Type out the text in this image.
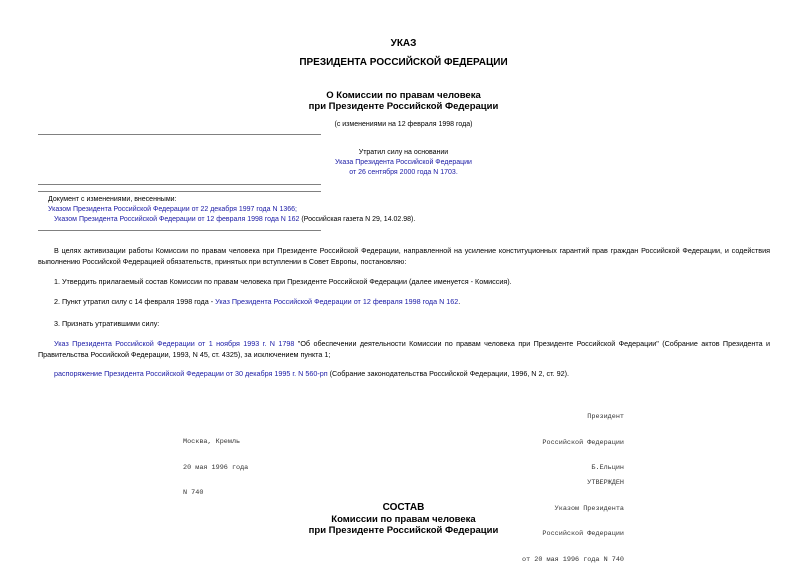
УКАЗ
ПРЕЗИДЕНТА РОССИЙСКОЙ ФЕДЕРАЦИИ
О Комиссии по правам человека
при Президенте Российской Федерации
(с изменениями на 12 февраля 1998 года)
Утратил силу на основании
Указа Президента Российской Федерации
от 26 сентября 2000 года N 1703.
Документ с изменениями, внесенными:
Указом Президента Российской Федерации от 22 декабря 1997 года N 1366;
Указом Президента Российской Федерации от 12 февраля 1998 года N 162 (Российская газета N 29, 14.02.98).
В целях активизации работы Комиссии по правам человека при Президенте Российской Федерации, направленной на усиление конституционных гарантий прав граждан Российской Федерации, и содействия выполнению Российской Федерацией обязательств, принятых при вступлении в Совет Европы, постановляю:
1. Утвердить прилагаемый состав Комиссии по правам человека при Президенте Российской Федерации (далее именуется - Комиссия).
2. Пункт утратил силу с 14 февраля 1998 года - Указ Президента Российской Федерации от 12 февраля 1998 года N 162.
3. Признать утратившими силу:
Указ Президента Российской Федерации от 1 ноября 1993 г. N 1798 "Об обеспечении деятельности Комиссии по правам человека при Президенте Российской Федерации" (Собрание актов Президента и Правительства Российской Федерации, 1993, N 45, ст. 4325), за исключением пункта 1;
распоряжение Президента Российской Федерации от 30 декабря 1995 г. N 560-рп (Собрание законодательства Российской Федерации, 1996, N 2, ст. 92).

Президент

Российской Федерации

Б.Ельцин

Москва, Кремль

20 мая 1996 года

N 740

УТВЕРЖДЕН

Указом Президента

Российской Федерации

от 20 мая 1996 года N 740

СОСТАВ
Комиссии по правам человека
при Президенте Российской Федерации
